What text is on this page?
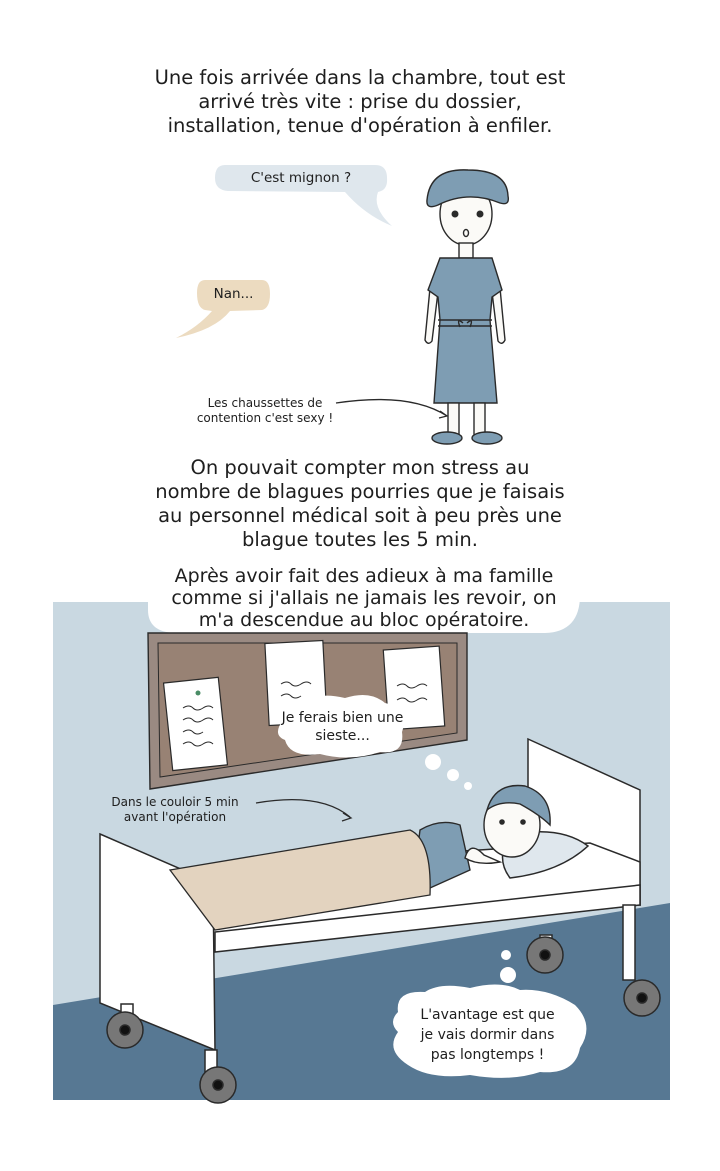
Une fois arrivée dans la chambre, tout est
arrivé très vite : prise du dossier,
installation, tenue d'opération à enfiler.
C'est mignon ?
Nan...
Les chaussettes de
contention c'est sexy !
On pouvait compter mon stress au
nombre de blagues pourries que je faisais
au personnel médical soit à peu près une
blague toutes les 5 min.
Après avoir fait des adieux à ma famille
comme si j'allais ne jamais les revoir, on
m'a descendue au bloc opératoire.
Je ferais bien une
sieste...
Dans le couloir 5 min
avant l'opération
L'avantage est que
je vais dormir dans
pas longtemps !
